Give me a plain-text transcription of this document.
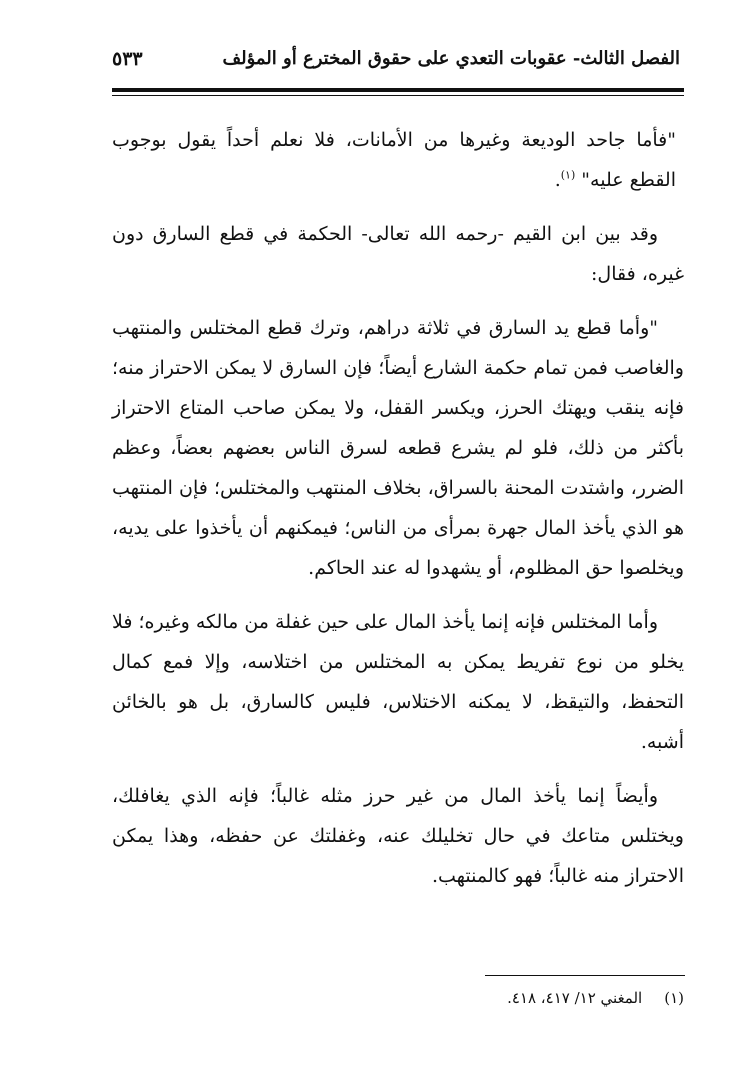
الفصل الثالث- عقوبات التعدي على حقوق المخترع أو المؤلف
٥٣٣

"فأما جاحد الوديعة وغيرها من الأمانات، فلا نعلم أحداً يقول بوجوب القطع عليه" $^{(١)}$.

وقد بين ابن القيم -رحمه الله تعالى- الحكمة في قطع السارق دون غيره، فقال:

"وأما قطع يد السارق في ثلاثة دراهم، وترك قطع المختلس والمنتهب والغاصب فمن تمام حكمة الشارع أيضاً؛ فإن السارق لا يمكن الاحتراز منه؛ فإنه ينقب ويهتك الحرز، ويكسر القفل، ولا يمكن صاحب المتاع الاحتراز بأكثر من ذلك، فلو لم يشرع قطعه لسرق الناس بعضهم بعضاً، وعظم الضرر، واشتدت المحنة بالسراق، بخلاف المنتهب والمختلس؛ فإن المنتهب هو الذي يأخذ المال جهرة بمرأى من الناس؛ فيمكنهم أن يأخذوا على يديه، ويخلصوا حق المظلوم، أو يشهدوا له عند الحاكم.

وأما المختلس فإنه إنما يأخذ المال على حين غفلة من مالكه وغيره؛ فلا يخلو من نوع تفريط يمكن به المختلس من اختلاسه، وإلا فمع كمال التحفظ، والتيقظ، لا يمكنه الاختلاس، فليس كالسارق، بل هو بالخائن أشبه.

وأيضاً إنما يأخذ المال من غير حرز مثله غالباً؛ فإنه الذي يغافلك، ويختلس متاعك في حال تخليلك عنه، وغفلتك عن حفظه، وهذا يمكن الاحتراز منه غالباً؛ فهو كالمنتهب.

(١)المغني ١٢/ ٤١٧، ٤١٨.
